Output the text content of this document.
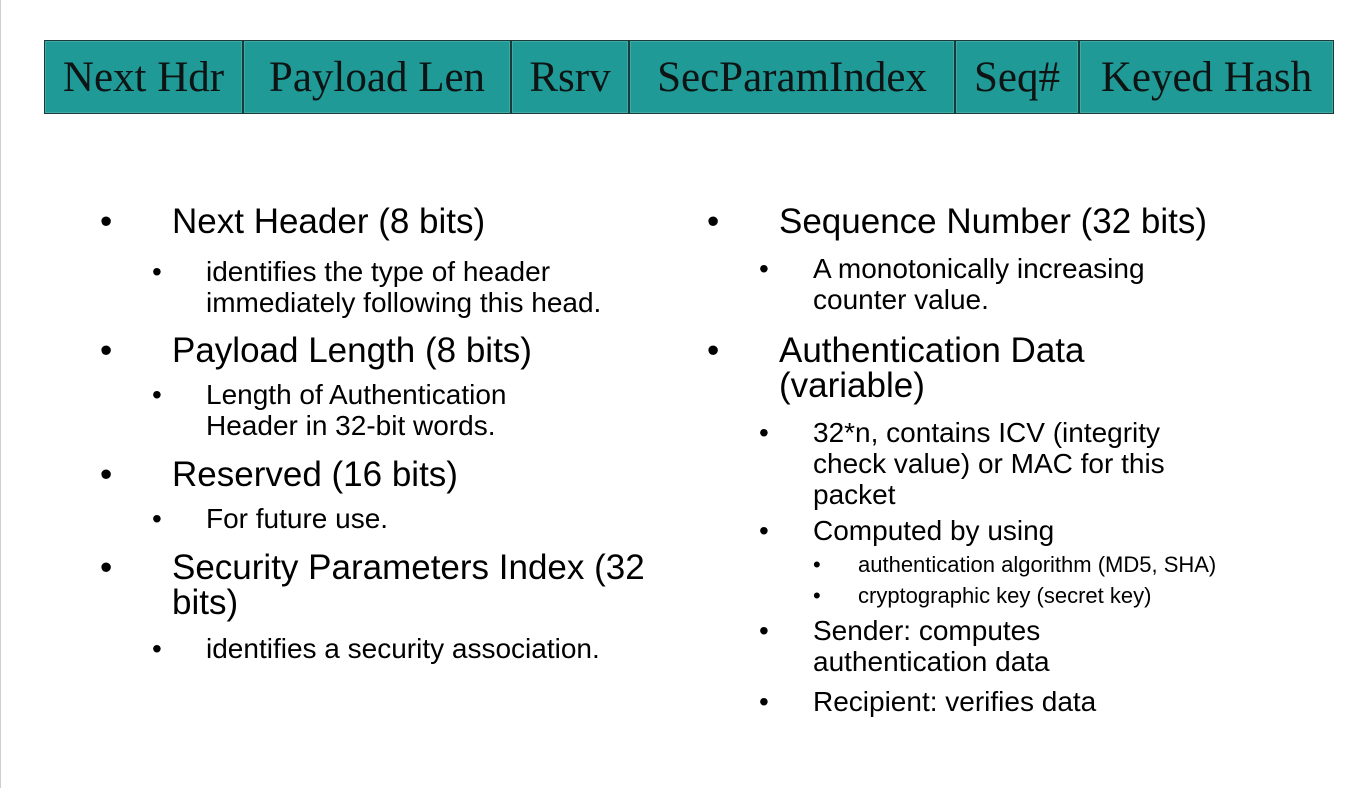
Next Hdr	Payload Len	Rsrv	SecParamIndex	Seq# Keyed Hash
• Next Header (8 bits)
• identifies the type of header immediately following this head.
• Payload Length (8 bits)
• Length of Authentication Header in 32-bit words.
• Reserved (16 bits)
• For future use.
• Security Parameters Index (32 bits)
• identifies a security association.
• Sequence Number (32 bits)
• A monotonically increasing counter value.
• Authentication Data (variable)
• 32*n, contains ICV (integrity check value) or MAC for this packet
• Computed by using
• authentication algorithm (MD5, SHA)
• cryptographic key (secret key)
• Sender: computes authentication data
• Recipient: verifies data
